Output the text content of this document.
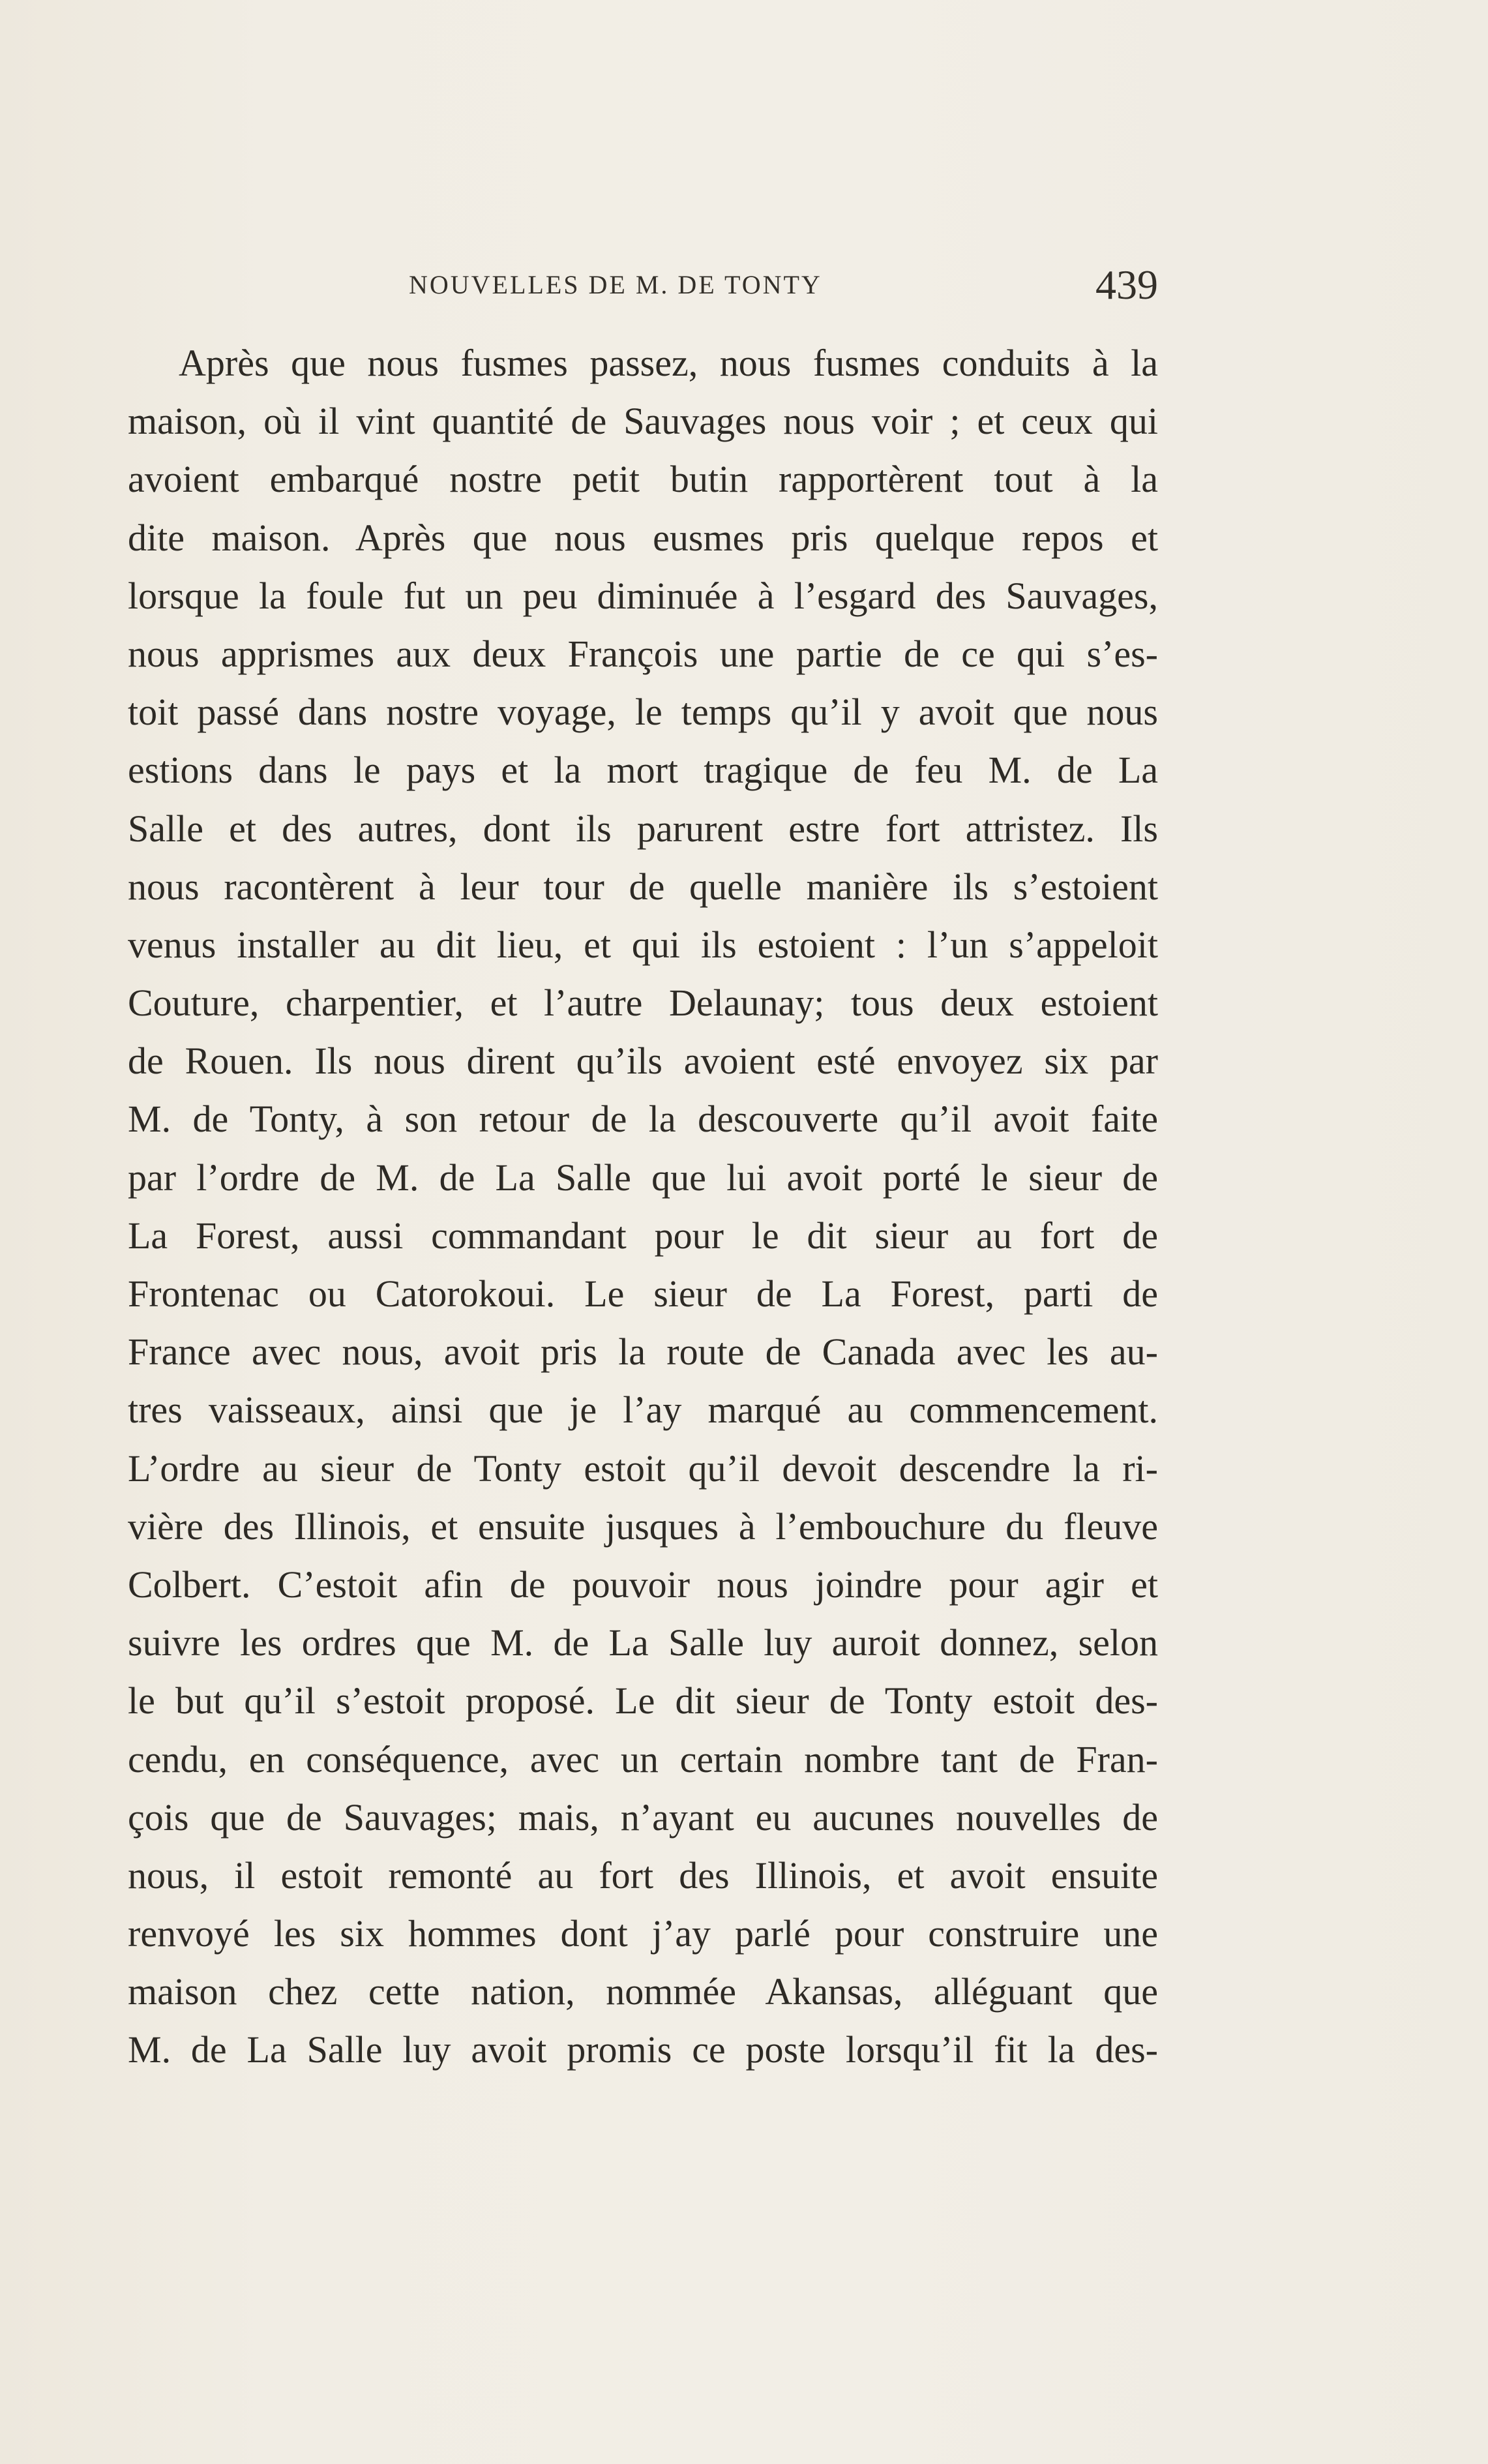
NOUVELLES DE M. DE TONTY	439
Après que nous fusmes passez, nous fusmes conduits à la
maison, où il vint quantité de Sauvages nous voir ; et ceux qui
avoient embarqué nostre petit butin rapportèrent tout à la
dite maison. Après que nous eusmes pris quelque repos et
lorsque la foule fut un peu diminuée à l’esgard des Sauvages,
nous apprismes aux deux François une partie de ce qui s’es-
toit passé dans nostre voyage, le temps qu’il y avoit que nous
estions dans le pays et la mort tragique de feu M. de La
Salle et des autres, dont ils parurent estre fort attristez. Ils
nous racontèrent à leur tour de quelle manière ils s’estoient
venus installer au dit lieu, et qui ils estoient : l’un s’appeloit
Couture, charpentier, et l’autre Delaunay; tous deux estoient
de Rouen. Ils nous dirent qu’ils avoient esté envoyez six par
M. de Tonty, à son retour de la descouverte qu’il avoit faite
par l’ordre de M. de La Salle que lui avoit porté le sieur de
La Forest, aussi commandant pour le dit sieur au fort de
Frontenac ou Catorokoui. Le sieur de La Forest, parti de
France avec nous, avoit pris la route de Canada avec les au-
tres vaisseaux, ainsi que je l’ay marqué au commencement.
L’ordre au sieur de Tonty estoit qu’il devoit descendre la ri-
vière des Illinois, et ensuite jusques à l’embouchure du fleuve
Colbert. C’estoit afin de pouvoir nous joindre pour agir et
suivre les ordres que M. de La Salle luy auroit donnez, selon
le but qu’il s’estoit proposé. Le dit sieur de Tonty estoit des-
cendu, en conséquence, avec un certain nombre tant de Fran-
çois que de Sauvages; mais, n’ayant eu aucunes nouvelles de
nous, il estoit remonté au fort des Illinois, et avoit ensuite
renvoyé les six hommes dont j’ay parlé pour construire une
maison chez cette nation, nommée Akansas, alléguant que
M. de La Salle luy avoit promis ce poste lorsqu’il fit la des-
